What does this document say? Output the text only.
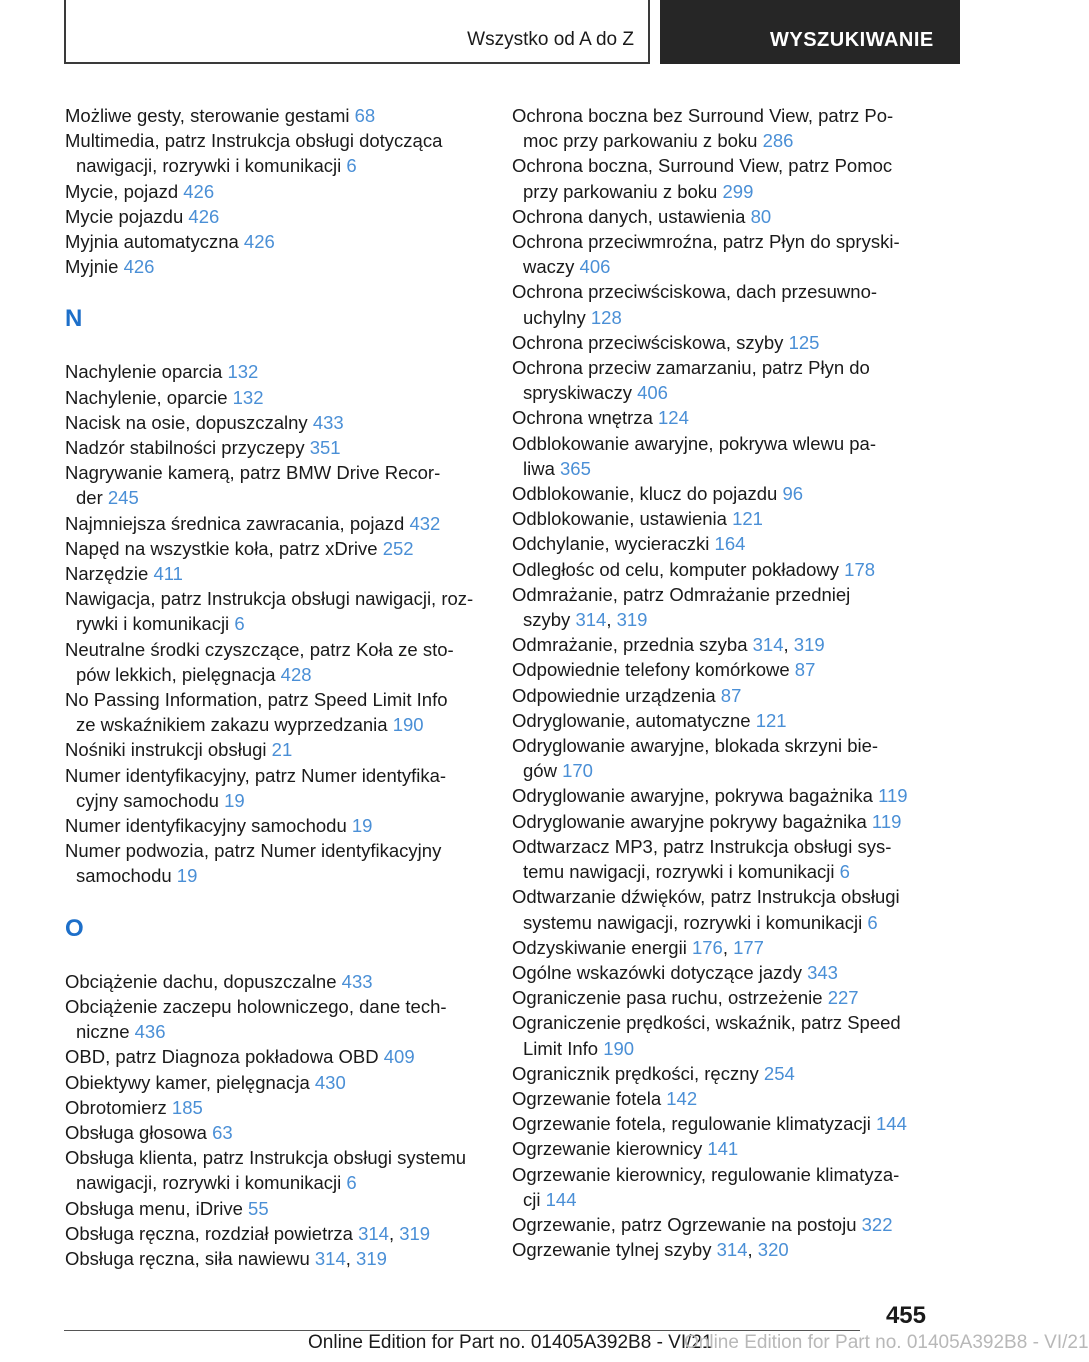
Wszystko od A do Z	WYSZUKIWANIE
Możliwe gesty, sterowanie gestami 68
Multimedia, patrz Instrukcja obsługi dotycząca
nawigacji, rozrywki i komunikacji 6
Mycie, pojazd 426
Mycie pojazdu 426
Myjnia automatyczna 426
Myjnie 426
N
Nachylenie oparcia 132
Nachylenie, oparcie 132
Nacisk na osie, dopuszczalny 433
Nadzór stabilności przyczepy 351
Nagrywanie kamerą, patrz BMW Drive Recor‐
der 245
Najmniejsza średnica zawracania, pojazd 432
Napęd na wszystkie koła, patrz xDrive 252
Narzędzie 411
Nawigacja, patrz Instrukcja obsługi nawigacji, roz‐
rywki i komunikacji 6
Neutralne środki czyszczące, patrz Koła ze sto‐
pów lekkich, pielęgnacja 428
No Passing Information, patrz Speed Limit Info
ze wskaźnikiem zakazu wyprzedzania 190
Nośniki instrukcji obsługi 21
Numer identyfikacyjny, patrz Numer identyfika‐
cyjny samochodu 19
Numer identyfikacyjny samochodu 19
Numer podwozia, patrz Numer identyfikacyjny
samochodu 19
O
Obciążenie dachu, dopuszczalne 433
Obciążenie zaczepu holowniczego, dane tech‐
niczne 436
OBD, patrz Diagnoza pokładowa OBD 409
Obiektywy kamer, pielęgnacja 430
Obrotomierz 185
Obsługa głosowa 63
Obsługa klienta, patrz Instrukcja obsługi systemu
nawigacji, rozrywki i komunikacji 6
Obsługa menu, iDrive 55
Obsługa ręczna, rozdział powietrza 314, 319
Obsługa ręczna, siła nawiewu 314, 319
Ochrona boczna bez Surround View, patrz Po‐
moc przy parkowaniu z boku 286
Ochrona boczna, Surround View, patrz Pomoc
przy parkowaniu z boku 299
Ochrona danych, ustawienia 80
Ochrona przeciwmroźna, patrz Płyn do spryski‐
waczy 406
Ochrona przeciwściskowa, dach przesuwno-
uchylny 128
Ochrona przeciwściskowa, szyby 125
Ochrona przeciw zamarzaniu, patrz Płyn do
spryskiwaczy 406
Ochrona wnętrza 124
Odblokowanie awaryjne, pokrywa wlewu pa‐
liwa 365
Odblokowanie, klucz do pojazdu 96
Odblokowanie, ustawienia 121
Odchylanie, wycieraczki 164
Odległośc od celu, komputer pokładowy 178
Odmrażanie, patrz Odmrażanie przedniej
szyby 314, 319
Odmrażanie, przednia szyba 314, 319
Odpowiednie telefony komórkowe 87
Odpowiednie urządzenia 87
Odryglowanie, automatyczne 121
Odryglowanie awaryjne, blokada skrzyni bie‐
gów 170
Odryglowanie awaryjne, pokrywa bagażnika 119
Odryglowanie awaryjne pokrywy bagażnika 119
Odtwarzacz MP3, patrz Instrukcja obsługi sys‐
temu nawigacji, rozrywki i komunikacji 6
Odtwarzanie dźwięków, patrz Instrukcja obsługi
systemu nawigacji, rozrywki i komunikacji 6
Odzyskiwanie energii 176, 177
Ogólne wskazówki dotyczące jazdy 343
Ograniczenie pasa ruchu, ostrzeżenie 227
Ograniczenie prędkości, wskaźnik, patrz Speed
Limit Info 190
Ogranicznik prędkości, ręczny 254
Ogrzewanie fotela 142
Ogrzewanie fotela, regulowanie klimatyzacji 144
Ogrzewanie kierownicy 141
Ogrzewanie kierownicy, regulowanie klimatyza‐
cji 144
Ogrzewanie, patrz Ogrzewanie na postoju 322
Ogrzewanie tylnej szyby 314, 320
455
Online Edition for Part no. 01405A392B8 - VI/21
Online Edition for Part no. 01405A392B8 - VI/21
